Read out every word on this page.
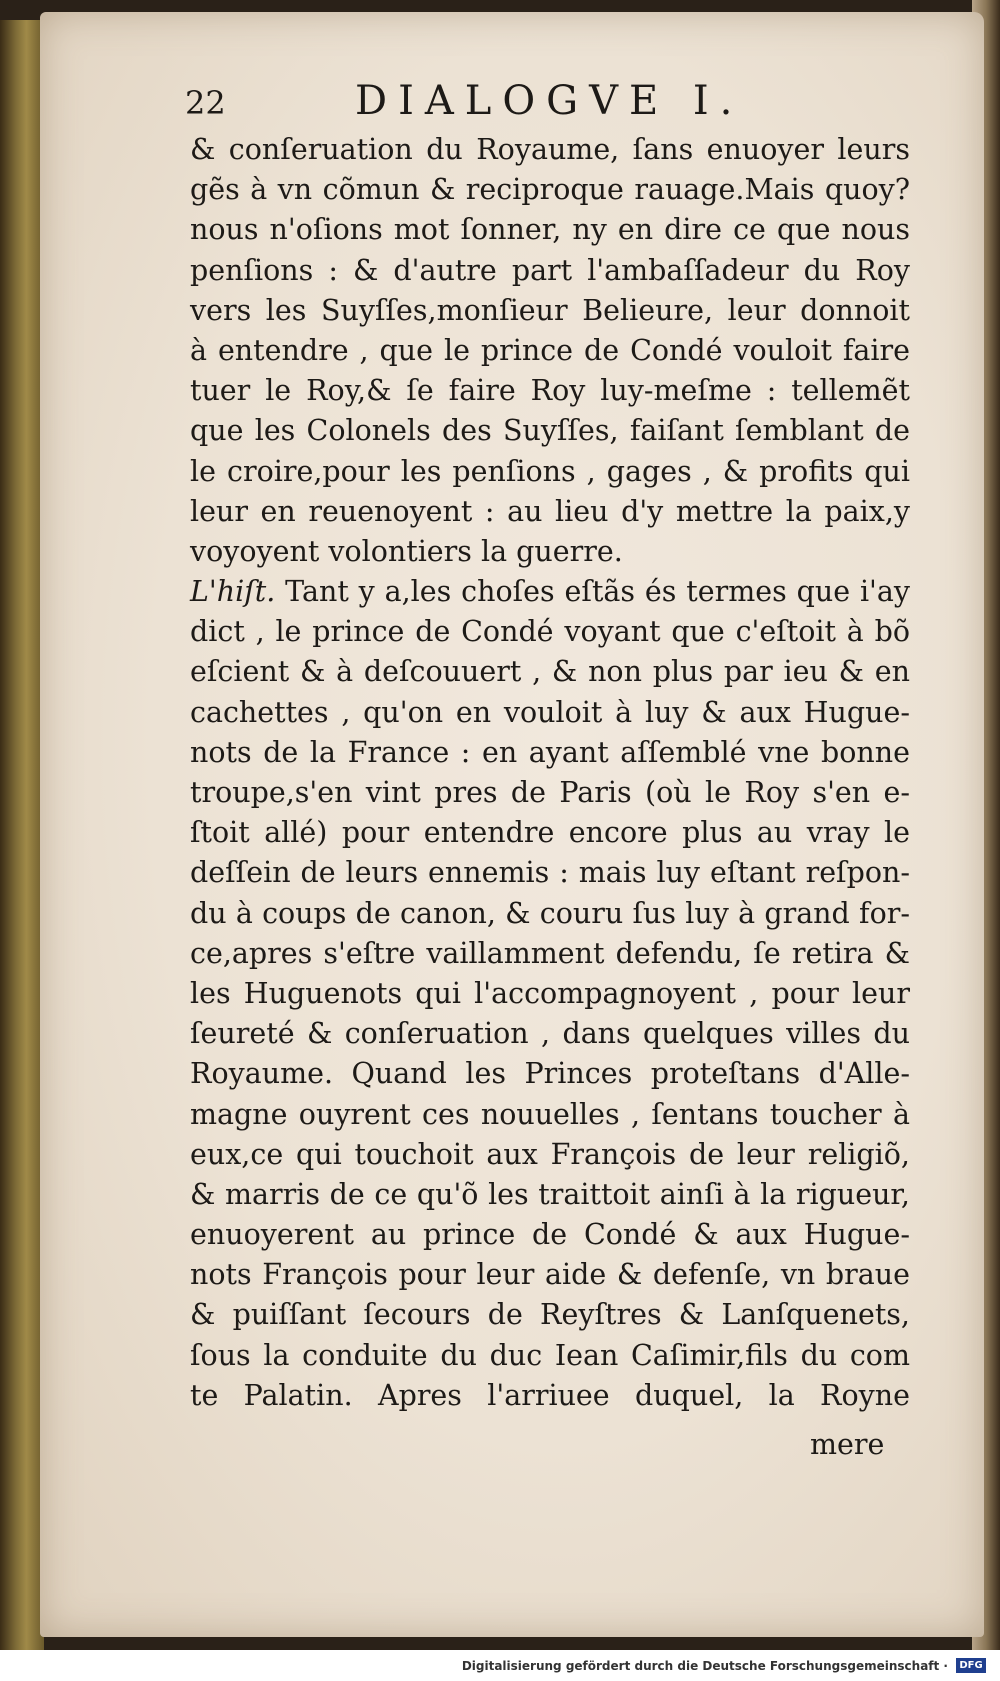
22	DIALOGVE I.
& conſeruation du Royaume, ſans enuoyer leurs
gẽs à vn cõmun & reciproque rauage.Mais quoy?
nous n'oſions mot ſonner, ny en dire ce que nous
penſions : & d'autre part l'ambaſſadeur du Roy
vers les Suyſſes,monſieur Belieure, leur donnoit
à entendre , que le prince de Condé vouloit faire
tuer le Roy,& ſe faire Roy luy-meſme : tellemẽt
que les Colonels des Suyſſes, faiſant ſemblant de
le croire,pour les penſions , gages , & profits qui
leur en reuenoyent : au lieu d'y mettre la paix,y
voyoyent volontiers la guerre.
L'hiſt. Tant y a,les choſes eſtãs és termes que i'ay
dict , le prince de Condé voyant que c'eſtoit à bõ
eſcient & à deſcouuert , & non plus par ieu & en
cachettes , qu'on en vouloit à luy & aux Hugue-
nots de la France : en ayant aſſemblé vne bonne
troupe,s'en vint pres de Paris (où le Roy s'en e-
ſtoit allé) pour entendre encore plus au vray le
deſſein de leurs ennemis : mais luy eſtant reſpon-
du à coups de canon, & couru ſus luy à grand for-
ce,apres s'eſtre vaillamment defendu, ſe retira &
les Huguenots qui l'accompagnoyent , pour leur
ſeureté & conſeruation , dans quelques villes du
Royaume. Quand les Princes proteſtans d'Alle-
magne ouyrent ces nouuelles , ſentans toucher à
eux,ce qui touchoit aux François de leur religiõ,
& marris de ce qu'õ les traittoit ainſi à la rigueur,
enuoyerent au prince de Condé & aux Hugue-
nots François pour leur aide & defenſe, vn braue
& puiſſant ſecours de Reyſtres & Lanſquenets,
ſous la conduite du duc Iean Caſimir,fils du com
te Palatin. Apres l'arriuee duquel, la Royne
mere
Digitalisierung gefördert durch die Deutsche Forschungsgemeinschaft ·	DFG
